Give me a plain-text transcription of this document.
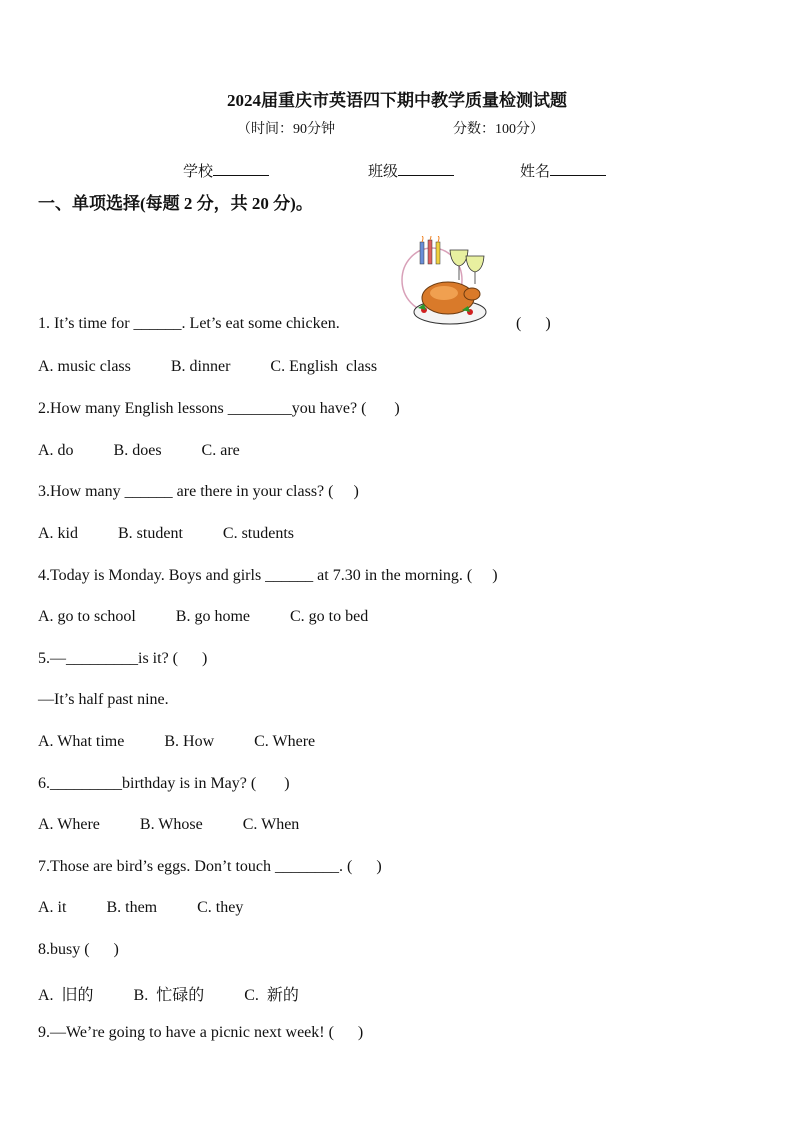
2024届重庆市英语四下期中教学质量检测试题
（时间：90分钟	分数：100分）
学校	班级	姓名
一、单项选择(每题 2 分，共 20 分)。
1. It’s time for ______. Let’s eat some chicken.	(      )
A. music class          B. dinner          C. English  class
2.How many English lessons ________you have? (       )
A. do          B. does          C. are
3.How many ______ are there in your class? (     )
A. kid          B. student          C. students
4.Today is Monday. Boys and girls ______ at 7.30 in the morning. (     )
A. go to school          B. go home          C. go to bed
5.—_________is it? (      )
—It’s half past nine.
A. What time          B. How          C. Where
6._________birthday is in May? (       )
A. Where          B. Whose          C. When
7.Those are bird’s eggs. Don’t touch ________. (      )
A. it          B. them          C. they
8.busy (      )
A.  旧的          B.  忙碌的          C.  新的
9.—We’re going to have a picnic next week! (      )
